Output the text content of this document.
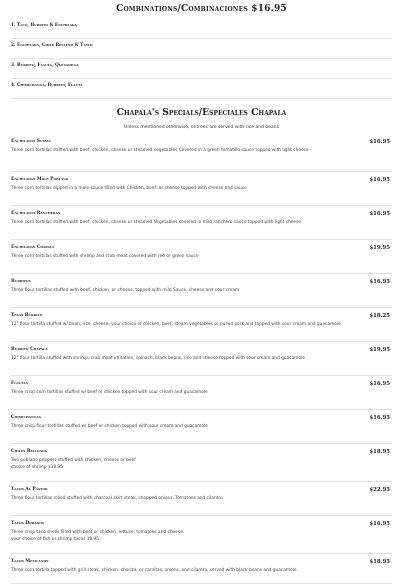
Combinations/Combinaciones $16.95
1. Taco, Burrito & Enchilada
2. Enchilada, Chile Relleno & Tamal
3. Burrito, Flauta, Quesadilla
4. Chimichanga, Burrito, Flauta
Chapala's Specials/Especiales Chapala
Unless mentioned otherwise, entrees are served with rice and beans
Enchiladas Suizas	$16.95
Three corn tortillas stuffed with beef, chicken, cheese or steamed vegetables Covered in a green tomatillo sauce topped with light cheese
Enchiladas Mole Poblano	$16.95
Three corn tortillas dipped in a mole sauce filled with Chicken, beef, or cheese topped with cheese and sauce
Enchiladas Rancheras	$16.95
Three corn tortillas stuffed with beef, chicken, cheese or steamed Vegetables covered in mild ranchero sauce topped with light cheese
Enchiladas Chapala	$19.95
Three corn tortillas stuffed with shrimp and crab meat covered with red or green sauce
Burritos	$16.95
Three flour tortillas stuffed with beef, chicken, or cheese, topped with mild Sauce, cheese and sour cream
Texas Burrito	$18.25
12" flour tortilla stuffed w/ bean, rice, cheese, your choice of chicken, beef, steam vegetables or pulled pork and topped with sour cream and guacamole
Burrito Chapala	$19.95
12" flour tortilla stuffed with shrimp, crab meat imitation, spinach, black beans, rice and cheese topped with sour cream and guacamole
Flautas	$16.95
Three crisp corn tortillas stuffed w/ beef or chicken topped with sour cream and guacamole
Chimichangas	$16.95
Three crisp flour tortillas stuffed w/ beef or chicken topped with sour cream and guacamole
Chiles Rellenos	$18.95
Two poblano peppers stuffed with chicken, cheese or beef
choice of shrimp $19.95
Tacos Al Pastor	$22.95
Three flour tortillas rolled stuffed with charcoal skirt steak, chopped onions, Tomatoes and cilantro
Tacos Dorados	$16.95
Three crisp taco shells filled with beef or chicken, lettuce, tomatoes and cheese.
your choice of fish or shrimp tacos 18.95
Tacos Mexicanos	$18.95
Three corn tortilla topped with grill steak, chicken, chorizo, or carnitas, onions, and cilantro, served with black beans and guacamole
